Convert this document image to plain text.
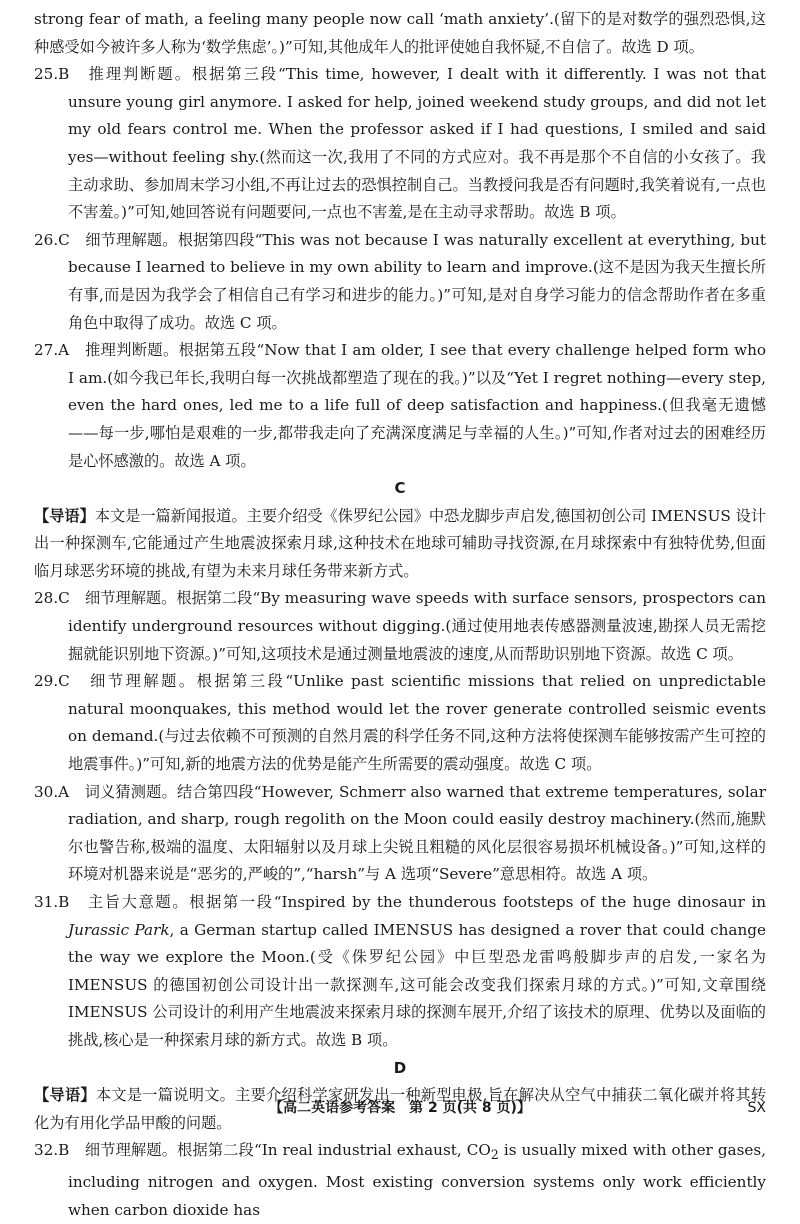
strong fear of math, a feeling many people now call ‘math anxiety’.(留下的是对数学的强烈恐惧,这种感受如今被许多人称为‘数学焦虑’。)”可知,其他成年人的批评使她自我怀疑,不自信了。故选 D 项。

25.B　 推理判断题。根据第三段“This time, however, I dealt with it differently. I was not that unsure young girl anymore. I asked for help, joined weekend study groups, and did not let my old fears control me. When the professor asked if I had questions, I smiled and said yes—without feeling shy.(然而这一次,我用了不同的方式应对。我不再是那个不自信的小女孩了。我主动求助、参加周末学习小组,不再让过去的恐惧控制自己。当教授问我是否有问题时,我笑着说有,一点也不害羞。)”可知,她回答说有问题要问,一点也不害羞,是在主动寻求帮助。故选 B 项。

26.C　 细节理解题。根据第四段“This was not because I was naturally excellent at everything, but because I learned to believe in my own ability to learn and improve.(这不是因为我天生擅长所有事,而是因为我学会了相信自己有学习和进步的能力。)”可知,是对自身学习能力的信念帮助作者在多重角色中取得了成功。故选 C 项。

27.A　 推理判断题。根据第五段“Now that I am older, I see that every challenge helped form who I am.(如今我已年长,我明白每一次挑战都塑造了现在的我。)”以及“Yet I regret nothing—every step, even the hard ones, led me to a life full of deep satisfaction and happiness.(但我毫无遗憾——每一步,哪怕是艰难的一步,都带我走向了充满深度满足与幸福的人生。)”可知,作者对过去的困难经历是心怀感激的。故选 A 项。

C

【导语】本文是一篇新闻报道。主要介绍受《侏罗纪公园》中恐龙脚步声启发,德国初创公司 IMENSUS 设计出一种探测车,它能通过产生地震波探索月球,这种技术在地球可辅助寻找资源,在月球探索中有独特优势,但面临月球恶劣环境的挑战,有望为未来月球任务带来新方式。

28.C　 细节理解题。根据第二段“By measuring wave speeds with surface sensors, prospectors can identify underground resources without digging.(通过使用地表传感器测量波速,勘探人员无需挖掘就能识别地下资源。)”可知,这项技术是通过测量地震波的速度,从而帮助识别地下资源。故选 C 项。

29.C　 细节理解题。根据第三段“Unlike past scientific missions that relied on unpredictable natural moonquakes, this method would let the rover generate controlled seismic events on demand.(与过去依赖不可预测的自然月震的科学任务不同,这种方法将使探测车能够按需产生可控的地震事件。)”可知,新的地震方法的优势是能产生所需要的震动强度。故选 C 项。

30.A　 词义猜测题。结合第四段“However, Schmerr also warned that extreme temperatures, solar radiation, and sharp, rough regolith on the Moon could easily destroy machinery.(然而,施默尔也警告称,极端的温度、太阳辐射以及月球上尖锐且粗糙的风化层很容易损坏机械设备。)”可知,这样的环境对机器来说是“恶劣的,严峻的”,“harsh”与 A 选项“Severe”意思相符。故选 A 项。

31.B　 主旨大意题。根据第一段“Inspired by the thunderous footsteps of the huge dinosaur in Jurassic Park, a German startup called IMENSUS has designed a rover that could change the way we explore the Moon.(受《侏罗纪公园》中巨型恐龙雷鸣般脚步声的启发,一家名为 IMENSUS 的德国初创公司设计出一款探测车,这可能会改变我们探索月球的方式。)”可知,文章围绕 IMENSUS 公司设计的利用产生地震波来探索月球的探测车展开,介绍了该技术的原理、优势以及面临的挑战,核心是一种探索月球的新方式。故选 B 项。

D

【导语】本文是一篇说明文。主要介绍科学家研发出一种新型电极,旨在解决从空气中捕获二氧化碳并将其转化为有用化学品甲酸的问题。

32.B　 细节理解题。根据第二段“In real industrial exhaust, $CO_2$ is usually mixed with other gases, including nitrogen and oxygen. Most existing conversion systems only work efficiently when carbon dioxide has

【高二英语参考答案　第 2 页(共 8 页)】	SX
